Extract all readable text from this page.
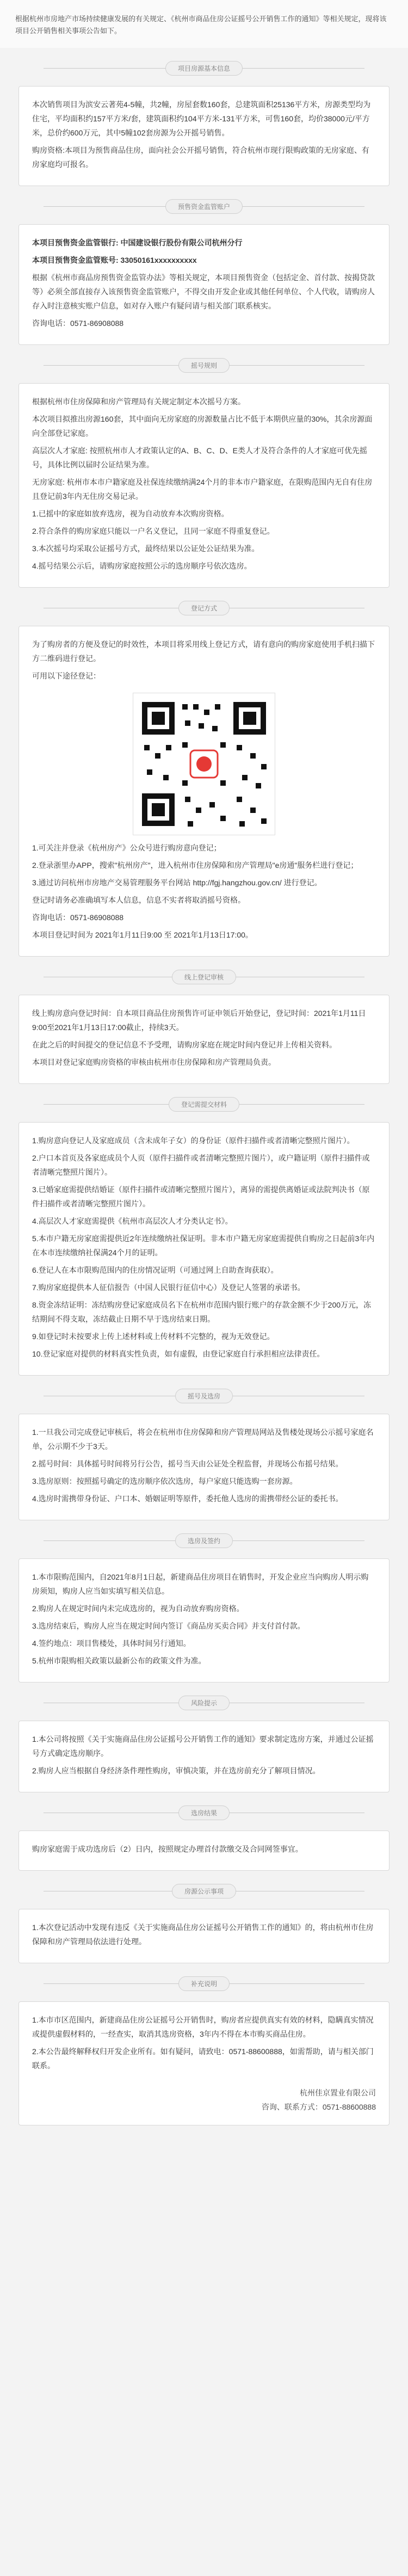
根据杭州市房地产市场持续健康发展的有关规定、《杭州市商品住房公证摇号公开销售工作的通知》等相关规定，现将该项目公开销售相关事项公告如下。
项目房源基本信息

本次销售项目为滨安云著苑4-5幢，共2幢，房屋套数160套，总建筑面积25136平方米，房源类型均为住宅，平均面积约157平方米/套，建筑面积约104平方米-131平方米，可售160套，均价38000元/平方米，总价约600万元，其中5幢102套房源为公开摇号销售。

购房资格:本项目为预售商品住房，面向社会公开摇号销售，符合杭州市现行限购政策的无房家庭、有房家庭均可报名。

预售资金监管账户

本项目预售资金监管银行: 中国建设银行股份有限公司杭州分行

本项目预售资金监管账号: 33050161xxxxxxxxxx

根据《杭州市商品房预售资金监管办法》等相关规定，本项目预售资金（包括定金、首付款、按揭贷款等）必须全部直接存入该预售资金监管账户，不得交由开发企业或其他任何单位、个人代收，请购房人存入时注意核实账户信息，如对存入账户有疑问请与相关部门联系核实。

咨询电话：0571-86908088

摇号规则

根据杭州市住房保障和房产管理局有关规定制定本次摇号方案。

本次项目拟推出房源160套，其中面向无房家庭的房源数量占比不低于本期供应量的30%，其余房源面向全部登记家庭。

高层次人才家庭: 按照杭州市人才政策认定的A、B、C、D、E类人才及符合条件的人才家庭可优先摇号，具体比例以届时公证结果为准。

无房家庭: 杭州市本市户籍家庭及社保连续缴纳满24个月的非本市户籍家庭，在限购范围内无自有住房且登记前3年内无住房交易记录。

1.已摇中的家庭如放弃选房，视为自动放弃本次购房资格。

2.符合条件的购房家庭只能以一户名义登记，且同一家庭不得重复登记。

3.本次摇号均采取公证摇号方式，最终结果以公证处公证结果为准。

4.摇号结果公示后，请购房家庭按照公示的选房顺序号依次选房。

登记方式

为了购房者的方便及登记的时效性，本项目将采用线上登记方式，请有意向的购房家庭使用手机扫描下方二维码进行登记。

可用以下途径登记：

1.可关注并登录《杭州房产》公众号进行购房意向登记；

2.登录浙里办APP，搜索"杭州房产"，进入杭州市住房保障和房产管理局"e房通"服务栏进行登记；

3.通过访问杭州市房地产交易管理服务平台网站 http://fgj.hangzhou.gov.cn/ 进行登记。

登记时请务必准确填写本人信息，信息不实者将取消摇号资格。

咨询电话：0571-86908088

本项目登记时间为 2021年1月11日9:00 至 2021年1月13日17:00。

线上登记审核

线上购房意向登记时间：自本项目商品住房预售许可证申领后开始登记，登记时间：2021年1月11日9:00至2021年1月13日17:00截止，持续3天。

在此之后的时间提交的登记信息不予受理，请购房家庭在规定时间内登记并上传相关资料。

本项目对登记家庭购房资格的审核由杭州市住房保障和房产管理局负责。

登记需提交材料

1.购房意向登记人及家庭成员（含未成年子女）的身份证（原件扫描件或者清晰完整照片图片）。

2.户口本首页及各家庭成员个人页（原件扫描件或者清晰完整照片图片），或户籍证明（原件扫描件或者清晰完整照片图片）。

3.已婚家庭需提供结婚证（原件扫描件或清晰完整照片图片），离异的需提供离婚证或法院判决书（原件扫描件或者清晰完整照片图片）。

4.高层次人才家庭需提供《杭州市高层次人才分类认定书》。

5.本市户籍无房家庭需提供近2年连续缴纳社保证明。非本市户籍无房家庭需提供自购房之日起前3年内在本市连续缴纳社保满24个月的证明。

6.登记人在本市限购范围内的住房情况证明（可通过网上自助查询获取）。

7.购房家庭提供本人征信报告（中国人民银行征信中心）及登记人签署的承诺书。

8.资金冻结证明：冻结购房登记家庭成员名下在杭州市范围内银行账户的存款金额不少于200万元，冻结期间不得支取，冻结截止日期不早于选房结束日期。

9.如登记时未按要求上传上述材料或上传材料不完整的，视为无效登记。

10.登记家庭对提供的材料真实性负责，如有虚假，由登记家庭自行承担相应法律责任。

摇号及选房

1.一旦我公司完成登记审核后，将会在杭州市住房保障和房产管理局网站及售楼处现场公示摇号家庭名单，公示期不少于3天。

2.摇号时间：具体摇号时间将另行公告，摇号当天由公证处全程监督，并现场公布摇号结果。

3.选房原则：按照摇号确定的选房顺序依次选房，每户家庭只能选购一套房源。

4.选房时需携带身份证、户口本、婚姻证明等原件，委托他人选房的需携带经公证的委托书。

选房及签约

1.本市限购范围内，自2021年8月1日起，新建商品住房项目在销售时，开发企业应当向购房人明示购房须知，购房人应当如实填写相关信息。

2.购房人在规定时间内未完成选房的，视为自动放弃购房资格。

3.选房结束后，购房人应当在规定时间内签订《商品房买卖合同》并支付首付款。

4.签约地点：项目售楼处，具体时间另行通知。

5.杭州市限购相关政策以最新公布的政策文件为准。

风险提示

1.本公司将按照《关于实施商品住房公证摇号公开销售工作的通知》要求制定选房方案，并通过公证摇号方式确定选房顺序。

2.购房人应当根据自身经济条件理性购房，审慎决策，并在选房前充分了解项目情况。

选房结果

购房家庭需于成功选房后（2）日内，按照规定办理首付款缴交及合同网签事宜。

房源公示事项

1.本次登记活动中发现有违反《关于实施商品住房公证摇号公开销售工作的通知》的，将由杭州市住房保障和房产管理局依法进行处理。

补充说明

1.本市市区范围内，新建商品住房公证摇号公开销售时，购房者应提供真实有效的材料，隐瞒真实情况或提供虚假材料的，一经查实，取消其选房资格，3年内不得在本市购买商品住房。

2.本公告最终解释权归开发企业所有。如有疑问，请致电：0571-88600888，如需帮助，请与相关部门联系。

杭州佳京置业有限公司
咨询、联系方式：0571-88600888
